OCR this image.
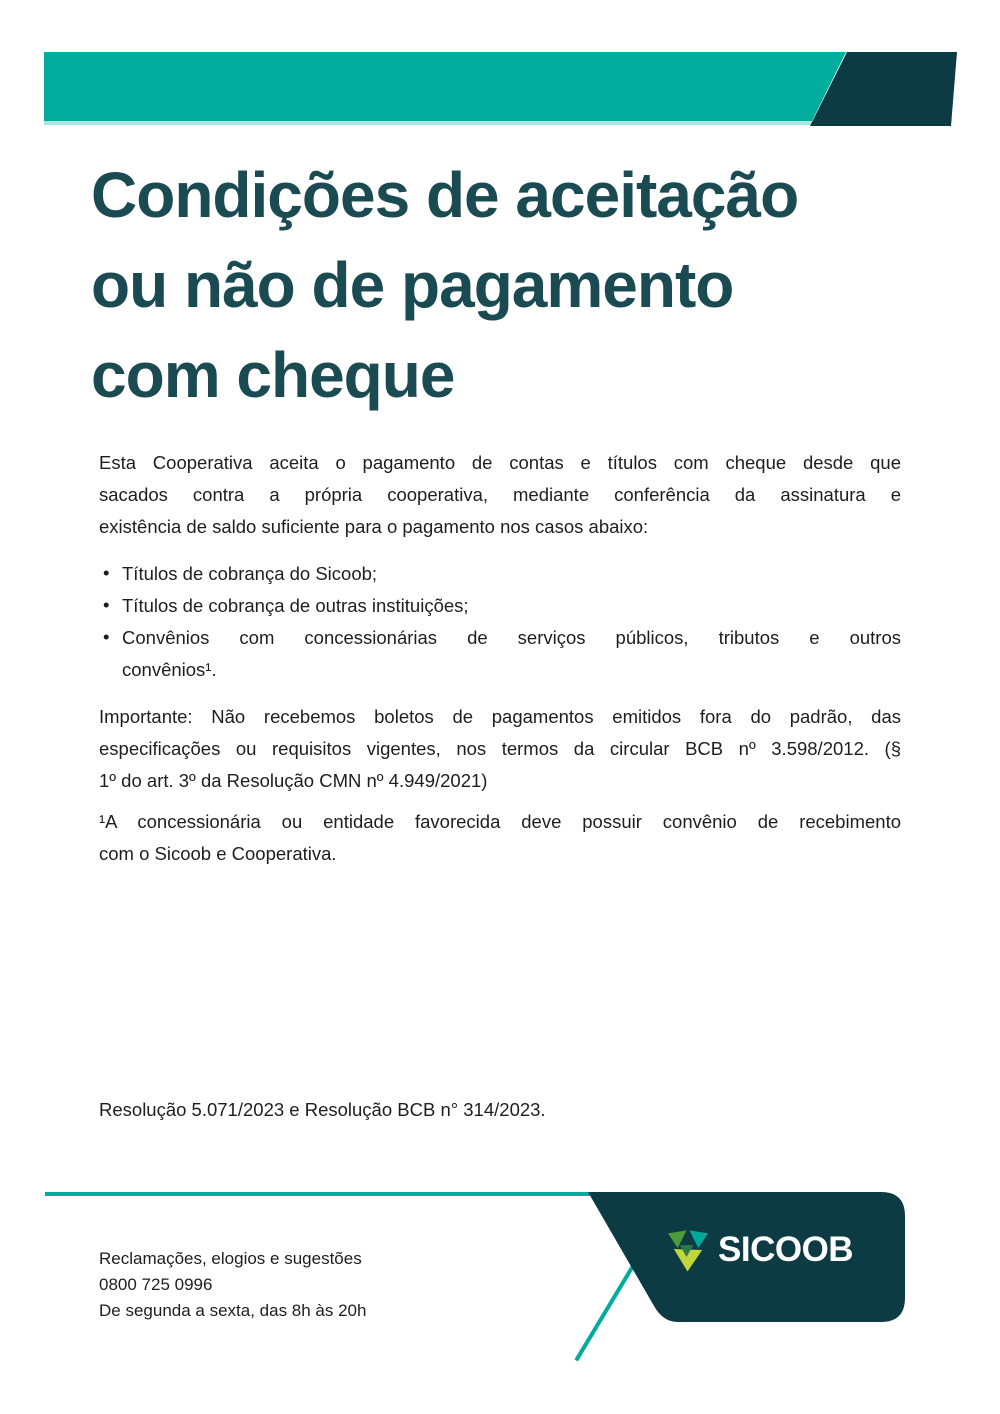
Condições de aceitação
ou não de pagamento
com cheque
Esta Cooperativa aceita o pagamento de contas e títulos com cheque desde que
sacados contra a própria cooperativa, mediante conferência da assinatura e
existência de saldo suficiente para o pagamento nos casos abaixo:
• Títulos de cobrança do Sicoob;
• Títulos de cobrança de outras instituições;
• Convênios com concessionárias de serviços públicos, tributos e outros
convênios¹.
Importante: Não recebemos boletos de pagamentos emitidos fora do padrão, das
especificações ou requisitos vigentes, nos termos da circular BCB nº 3.598/2012. (§
1º do art. 3º da Resolução CMN nº 4.949/2021)
¹A concessionária ou entidade favorecida deve possuir convênio de recebimento
com o Sicoob e Cooperativa.
Resolução 5.071/2023 e Resolução BCB n° 314/2023.
SICOOB
Reclamações, elogios e sugestões
0800 725 0996
De segunda a sexta, das 8h às 20h
